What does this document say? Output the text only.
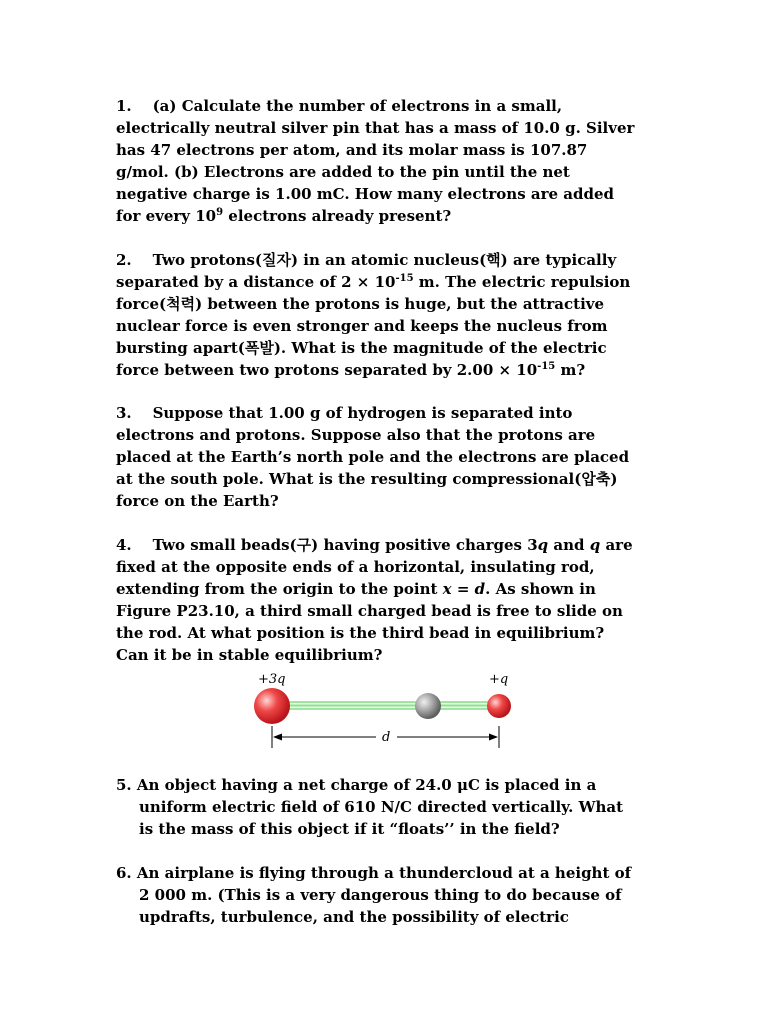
1. (a) Calculate the number of electrons in a small,
electrically neutral silver pin that has a mass of 10.0 g. Silver
has 47 electrons per atom, and its molar mass is 107.87
g/mol. (b) Electrons are added to the pin until the net
negative charge is 1.00 mC. How many electrons are added
for every $10^9$ electrons already present?
2. Two protons(질자) in an atomic nucleus(핵) are typically
separated by a distance of $2 \times 10^{-15}$ m. The electric repulsion
force(척력) between the protons is huge, but the attractive
nuclear force is even stronger and keeps the nucleus from
bursting apart(폭발). What is the magnitude of the electric
force between two protons separated by $2.00 \times 10^{-15}$ m?
3. Suppose that 1.00 g of hydrogen is separated into
electrons and protons. Suppose also that the protons are
placed at the Earth’s north pole and the electrons are placed
at the south pole. What is the resulting compressional(압축)
force on the Earth?
4. Two small beads(구) having positive charges 3q and q are
fixed at the opposite ends of a horizontal, insulating rod,
extending from the origin to the point x = d. As shown in
Figure P23.10, a third small charged bead is free to slide on
the rod. At what position is the third bead in equilibrium?
Can it be in stable equilibrium?
+3q	+q
d
5. An object having a net charge of 24.0 μC is placed in a
uniform electric field of 610 N/C directed vertically. What
is the mass of this object if it “floats’’ in the field?
6. An airplane is flying through a thundercloud at a height of
2 000 m. (This is a very dangerous thing to do because of
updrafts, turbulence, and the possibility of electric
